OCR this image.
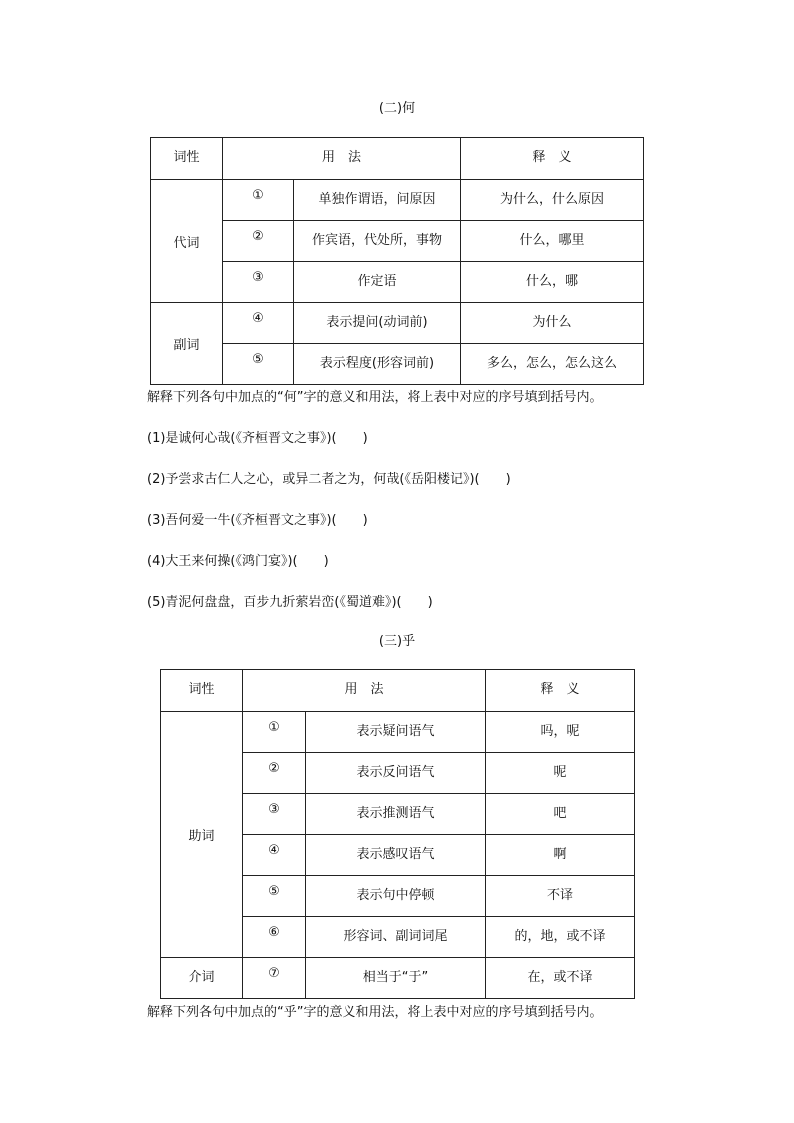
(二)何
词性	用　法		释　义
代词	①	单独作谓语，问原因	为什么，什么原因
	②	作宾语，代处所，事物	什么，哪里
	③	作定语	什么，哪
副词	④	表示提问(动词前)	为什么
	⑤	表示程度(形容词前)	多么，怎么，怎么这么
解释下列各句中加点的“何”字的意义和用法，将上表中对应的序号填到括号内。
(1)是诚何心哉(《齐桓晋文之事》)(　　)
(2)予尝求古仁人之心，或异二者之为，何哉(《岳阳楼记》)(　　)
(3)吾何爱一牛(《齐桓晋文之事》)(　　)
(4)大王来何操(《鸿门宴》)(　　)
(5)青泥何盘盘，百步九折萦岩峦(《蜀道难》)(　　)
(三)乎
词性	用　法		释　义
助词	①	表示疑问语气	吗，呢
	②	表示反问语气	呢
	③	表示推测语气	吧
	④	表示感叹语气	啊
	⑤	表示句中停顿	不译
	⑥	形容词、副词词尾	的，地，或不译
介词	⑦	相当于“于”	在，或不译
解释下列各句中加点的“乎”字的意义和用法，将上表中对应的序号填到括号内。
